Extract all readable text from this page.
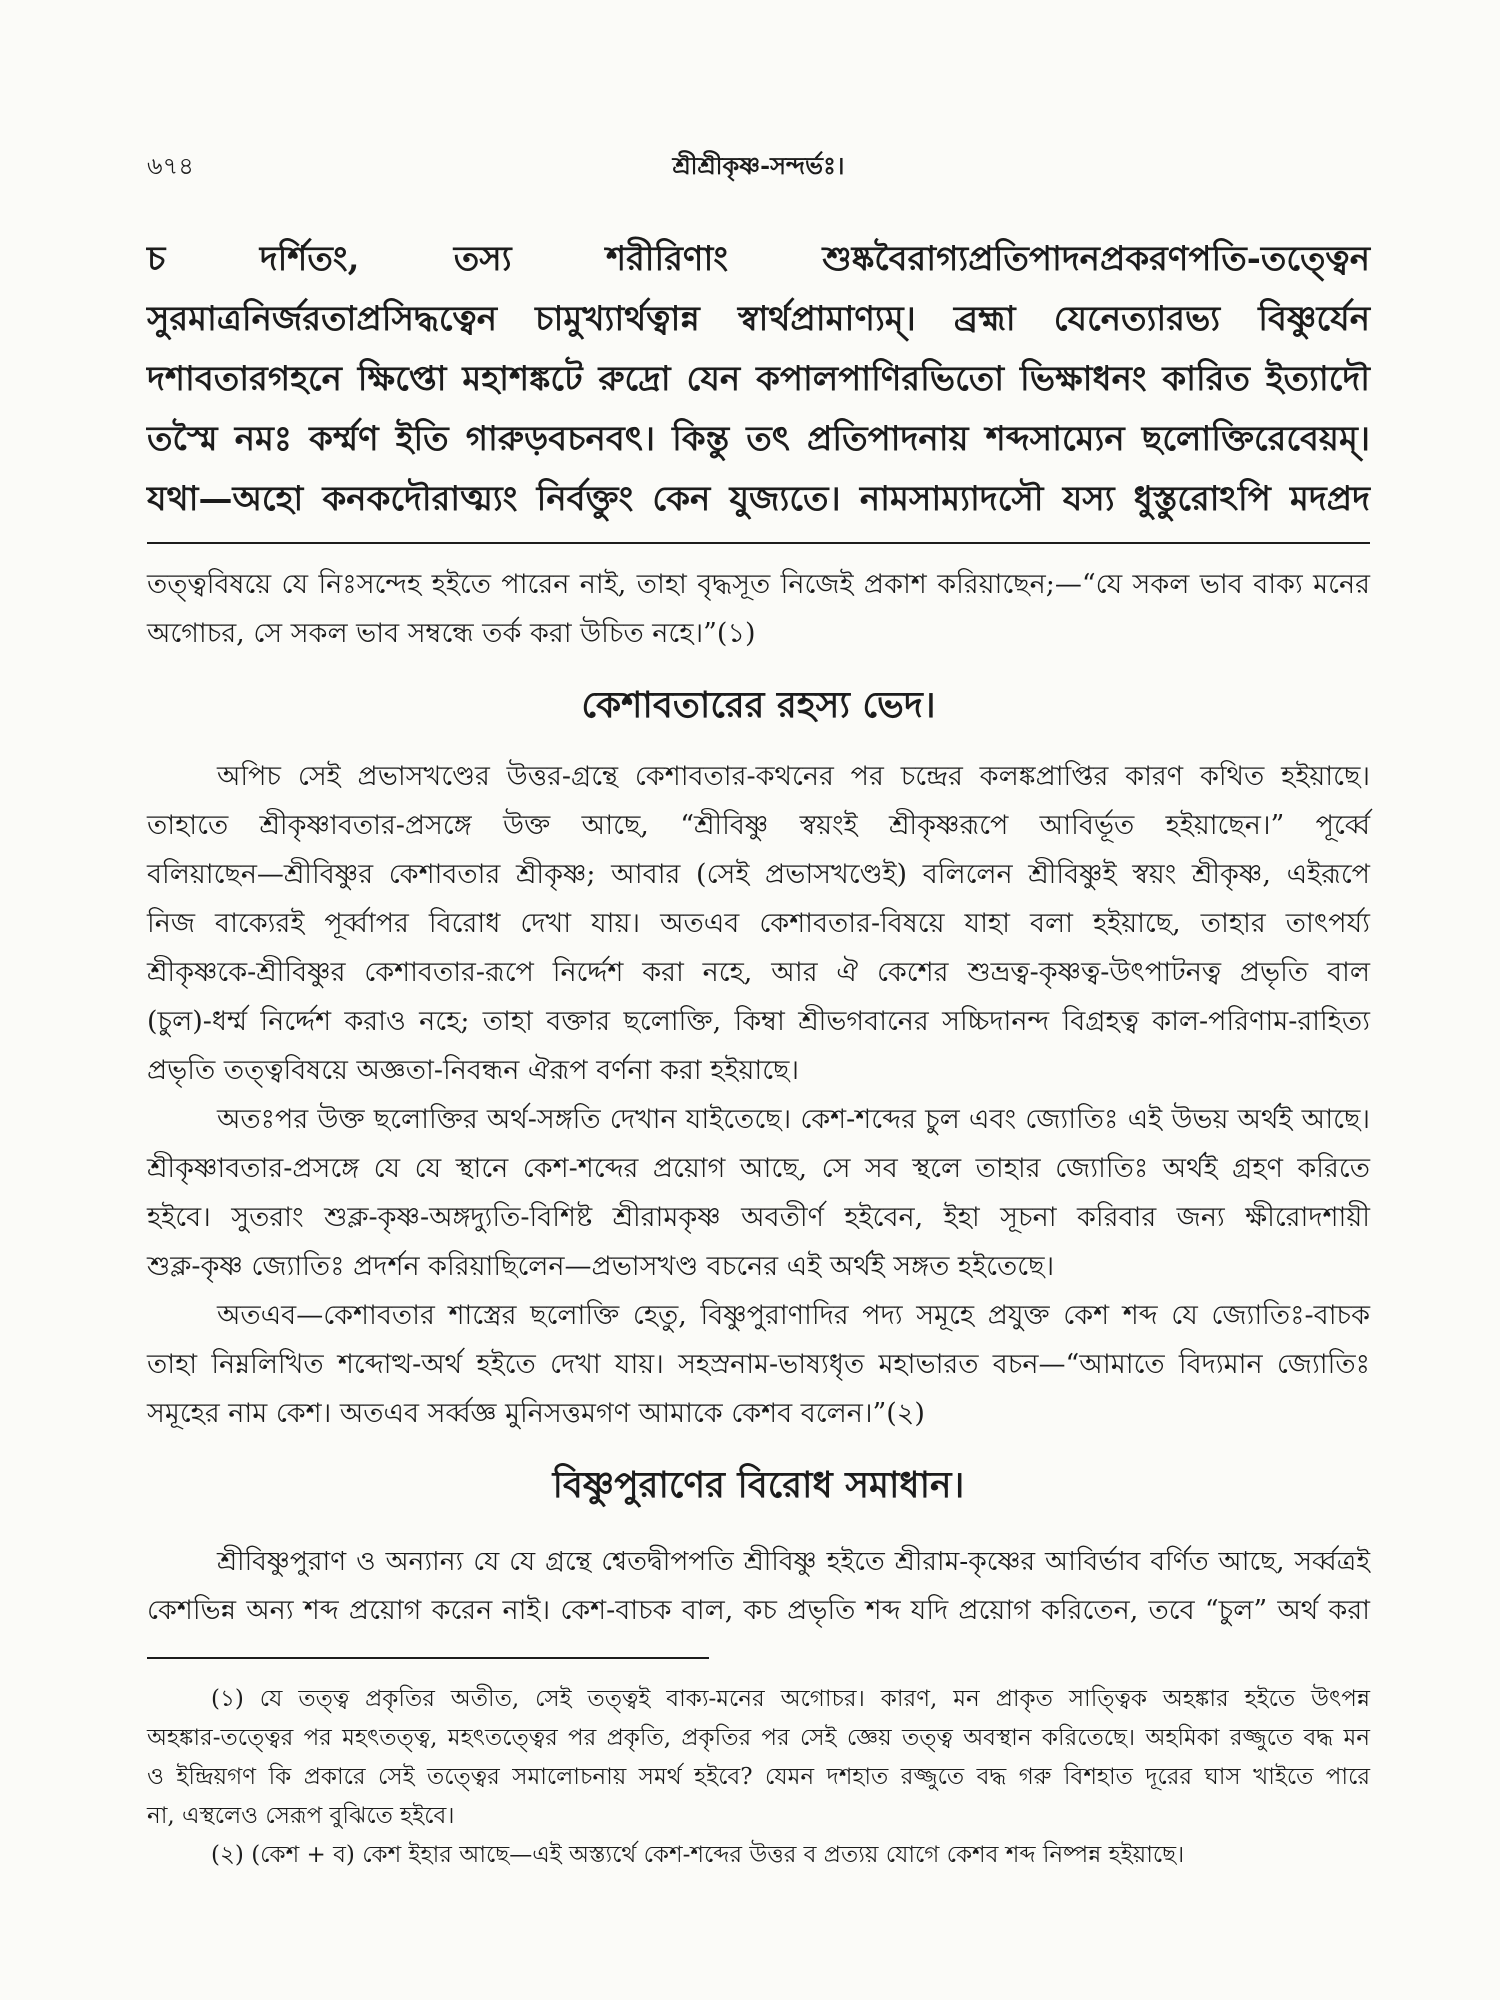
৬৭৪	শ্রীশ্রীকৃষ্ণ-সন্দর্ভঃ।
চ দর্শিতং, তস্য শরীরিণাং শুষ্কবৈরাগ্যপ্রতিপাদনপ্রকরণপতি-তত্ত্বেন
সুরমাত্রনির্জরতাপ্রসিদ্ধত্বেন চামুখ্যার্থত্বান্ন স্বার্থপ্রামাণ্যম্। ব্রহ্মা যেনেত্যারভ্য বিষ্ণুর্যেন
দশাবতারগহনে ক্ষিপ্তো মহাশঙ্কটে রুদ্রো যেন কপালপাণিরভিতো ভিক্ষাধনং কারিত ইত্যাদৌ
তস্মৈ নমঃ কর্ম্মণ ইতি গারুড়বচনবৎ। কিন্তু তৎ প্রতিপাদনায় শব্দসাম্যেন ছলোক্তিরেবেয়ম্।
যথা—অহো কনকদৌরাত্ম্যং নির্বক্তুং কেন যুজ্যতে। নামসাম্যাদসৌ যস্য ধুস্তুরোঽপি মদপ্রদ
তত্ত্ববিষয়ে যে নিঃসন্দেহ হইতে পারেন নাই, তাহা বৃদ্ধসূত নিজেই প্রকাশ করিয়াছেন;—“যে সকল ভাব বাক্য মনের
অগোচর, সে সকল ভাব সম্বন্ধে তর্ক করা উচিত নহে।”(১)
কেশাবতারের রহস্য ভেদ।
অপিচ সেই প্রভাসখণ্ডের উত্তর-গ্রন্থে কেশাবতার-কথনের পর চন্দ্রের কলঙ্কপ্রাপ্তির কারণ কথিত হইয়াছে।
তাহাতে শ্রীকৃষ্ণাবতার-প্রসঙ্গে উক্ত আছে, “শ্রীবিষ্ণু স্বয়ংই শ্রীকৃষ্ণরূপে আবির্ভূত হইয়াছেন।” পূর্ব্বে
বলিয়াছেন—শ্রীবিষ্ণুর কেশাবতার শ্রীকৃষ্ণ; আবার (সেই প্রভাসখণ্ডেই) বলিলেন শ্রীবিষ্ণুই স্বয়ং শ্রীকৃষ্ণ, এইরূপে
নিজ বাক্যেরই পূর্ব্বাপর বিরোধ দেখা যায়। অতএব কেশাবতার-বিষয়ে যাহা বলা হইয়াছে, তাহার তাৎপর্য্য
শ্রীকৃষ্ণকে-শ্রীবিষ্ণুর কেশাবতার-রূপে নির্দ্দেশ করা নহে, আর ঐ কেশের শুভ্রত্ব-কৃষ্ণত্ব-উৎপাটনত্ব প্রভৃতি বাল
(চুল)-ধর্ম্ম নির্দ্দেশ করাও নহে; তাহা বক্তার ছলোক্তি, কিম্বা শ্রীভগবানের সচ্চিদানন্দ বিগ্রহত্ব কাল-পরিণাম-রাহিত্য
প্রভৃতি তত্ত্ববিষয়ে অজ্ঞতা-নিবন্ধন ঐরূপ বর্ণনা করা হইয়াছে।
অতঃপর উক্ত ছলোক্তির অর্থ-সঙ্গতি দেখান যাইতেছে। কেশ-শব্দের চুল এবং জ্যোতিঃ এই উভয় অর্থই আছে।
শ্রীকৃষ্ণাবতার-প্রসঙ্গে যে যে স্থানে কেশ-শব্দের প্রয়োগ আছে, সে সব স্থলে তাহার জ্যোতিঃ অর্থই গ্রহণ করিতে
হইবে। সুতরাং শুক্ল-কৃষ্ণ-অঙ্গদ্যুতি-বিশিষ্ট শ্রীরামকৃষ্ণ অবতীর্ণ হইবেন, ইহা সূচনা করিবার জন্য ক্ষীরোদশায়ী
শুক্ল-কৃষ্ণ জ্যোতিঃ প্রদর্শন করিয়াছিলেন—প্রভাসখণ্ড বচনের এই অর্থই সঙ্গত হইতেছে।
অতএব—কেশাবতার শাস্ত্রের ছলোক্তি হেতু, বিষ্ণুপুরাণাদির পদ্য সমূহে প্রযুক্ত কেশ শব্দ যে জ্যোতিঃ-বাচক
তাহা নিম্নলিখিত শব্দোত্থ-অর্থ হইতে দেখা যায়। সহস্রনাম-ভাষ্যধৃত মহাভারত বচন—“আমাতে বিদ্যমান জ্যোতিঃ
সমূহের নাম কেশ। অতএব সর্ব্বজ্ঞ মুনিসত্তমগণ আমাকে কেশব বলেন।”(২)
বিষ্ণুপুরাণের বিরোধ সমাধান।
শ্রীবিষ্ণুপুরাণ ও অন্যান্য যে যে গ্রন্থে শ্বেতদ্বীপপতি শ্রীবিষ্ণু হইতে শ্রীরাম-কৃষ্ণের আবির্ভাব বর্ণিত আছে, সর্ব্বত্রই
কেশভিন্ন অন্য শব্দ প্রয়োগ করেন নাই। কেশ-বাচক বাল, কচ প্রভৃতি শব্দ যদি প্রয়োগ করিতেন, তবে “চুল” অর্থ করা
(১) যে তত্ত্ব প্রকৃতির অতীত, সেই তত্ত্বই বাক্য-মনের অগোচর। কারণ, মন প্রাকৃত সাত্ত্বিক অহঙ্কার হইতে উৎপন্ন
অহঙ্কার-তত্ত্বের পর মহৎতত্ত্ব, মহৎতত্ত্বের পর প্রকৃতি, প্রকৃতির পর সেই জ্ঞেয় তত্ত্ব অবস্থান করিতেছে। অহমিকা রজ্জুতে বদ্ধ মন
ও ইন্দ্রিয়গণ কি প্রকারে সেই তত্ত্বের সমালোচনায় সমর্থ হইবে? যেমন দশহাত রজ্জুতে বদ্ধ গরু বিশহাত দূরের ঘাস খাইতে পারে
না, এস্থলেও সেরূপ বুঝিতে হইবে।
(২) (কেশ + ব) কেশ ইহার আছে—এই অস্ত্যর্থে কেশ-শব্দের উত্তর ব প্রত্যয় যোগে কেশব শব্দ নিষ্পন্ন হইয়াছে।
